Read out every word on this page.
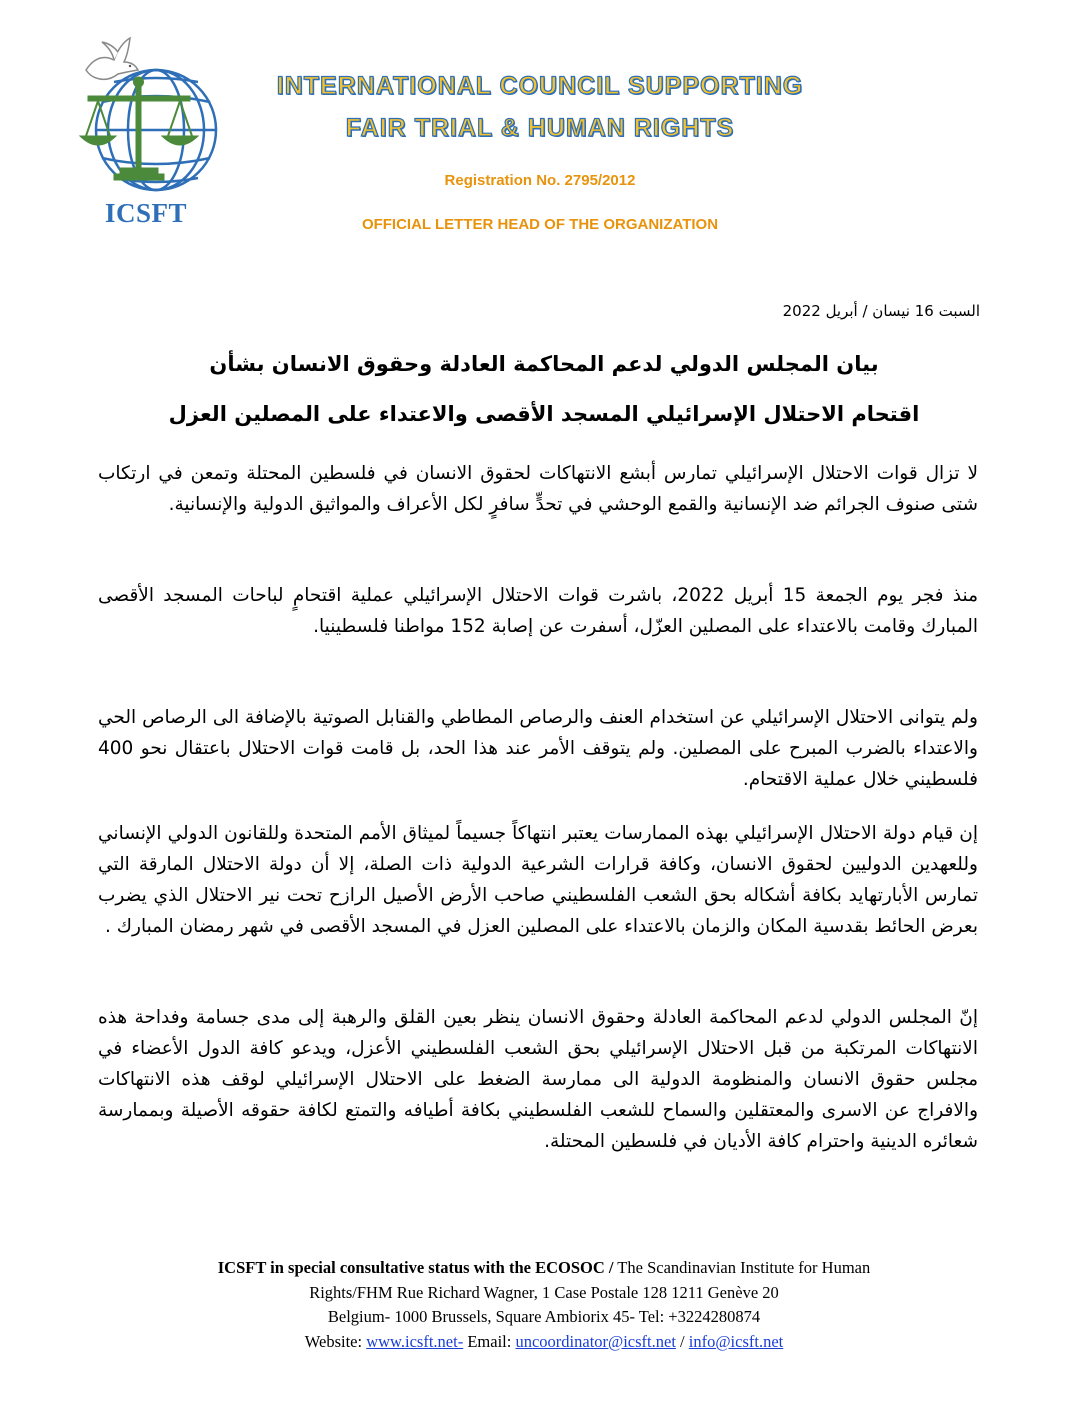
ICSFT
INTERNATIONAL COUNCIL SUPPORTING
FAIR TRIAL & HUMAN RIGHTS
Registration No. 2795/2012
OFFICIAL LETTER HEAD OF THE ORGANIZATION
السبت 16 نيسان / أبريل 2022
بيان المجلس الدولي لدعم المحاكمة العادلة وحقوق الانسان بشأن
اقتحام الاحتلال الإسرائيلي المسجد الأقصى والاعتداء على المصلين العزل
لا تزال قوات الاحتلال الإسرائيلي تمارس أبشع الانتهاكات لحقوق الانسان في فلسطين المحتلة وتمعن في ارتكاب شتى صنوف الجرائم ضد الإنسانية والقمع الوحشي في تحدٍّ سافرٍ لكل الأعراف والمواثيق الدولية والإنسانية.
منذ فجر يوم الجمعة 15 أبريل 2022، باشرت قوات الاحتلال الإسرائيلي عملية اقتحامٍ لباحات المسجد الأقصى المبارك وقامت بالاعتداء على المصلين العزّل، أسفرت عن إصابة 152 مواطنا فلسطينيا.
ولم يتوانى الاحتلال الإسرائيلي عن استخدام العنف والرصاص المطاطي والقنابل الصوتية بالإضافة الى الرصاص الحي والاعتداء بالضرب المبرح على المصلين. ولم يتوقف الأمر عند هذا الحد، بل قامت قوات الاحتلال باعتقال نحو 400 فلسطيني خلال عملية الاقتحام.
إن قيام دولة الاحتلال الإسرائيلي بهذه الممارسات يعتبر انتهاكاً جسيماً لميثاق الأمم المتحدة وللقانون الدولي الإنساني وللعهدين الدوليين لحقوق الانسان، وكافة قرارات الشرعية الدولية ذات الصلة، إلا أن دولة الاحتلال المارقة التي تمارس الأبارتهايد بكافة أشكاله بحق الشعب الفلسطيني صاحب الأرض الأصيل الرازح تحت نير الاحتلال الذي يضرب بعرض الحائط بقدسية المكان والزمان بالاعتداء على المصلين العزل في المسجد الأقصى في شهر رمضان المبارك .
إنّ المجلس الدولي لدعم المحاكمة العادلة وحقوق الانسان ينظر بعين القلق والرهبة إلى مدى جسامة وفداحة هذه الانتهاكات المرتكبة من قبل الاحتلال الإسرائيلي بحق الشعب الفلسطيني الأعزل، ويدعو كافة الدول الأعضاء في مجلس حقوق الانسان والمنظومة الدولية الى ممارسة الضغط على الاحتلال الإسرائيلي لوقف هذه الانتهاكات والافراج عن الاسرى والمعتقلين والسماح للشعب الفلسطيني بكافة أطيافه والتمتع لكافة حقوقه الأصيلة وبممارسة شعائره الدينية واحترام كافة الأديان في فلسطين المحتلة.
ICSFT in special consultative status with the ECOSOC / The Scandinavian Institute for Human
Rights/FHM Rue Richard Wagner, 1 Case Postale 128 1211 Genève 20
Belgium- 1000 Brussels, Square Ambiorix 45- Tel: +3224280874
Website: www.icsft.net- Email: uncoordinator@icsft.net / info@icsft.net
